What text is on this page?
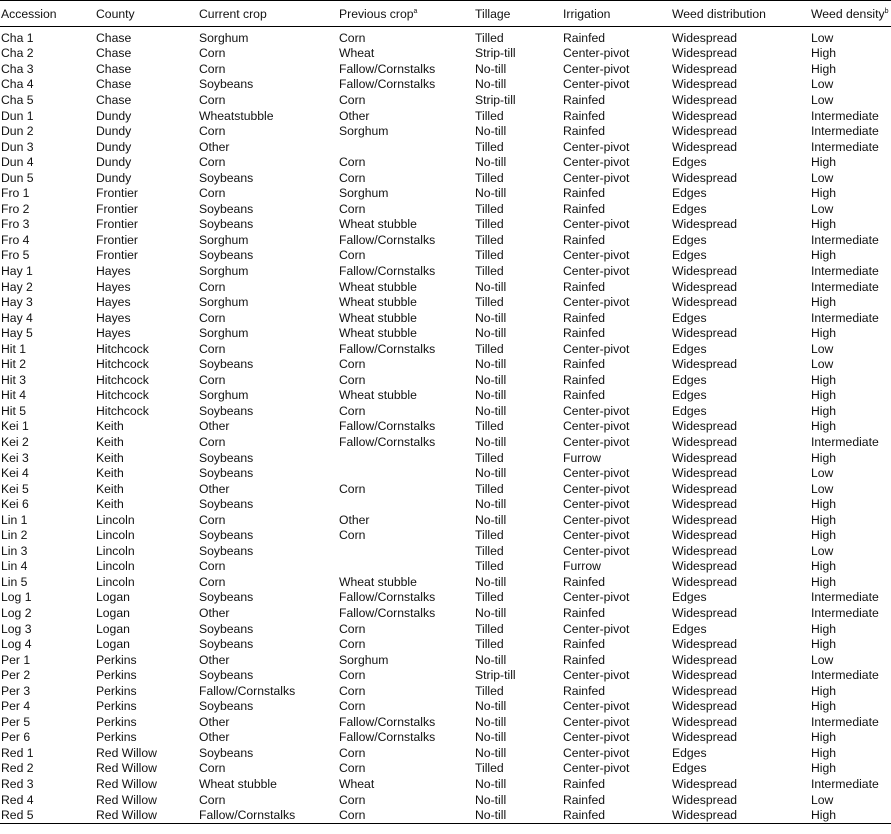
Accession	County	Current crop	Previous crop$^a$	Tillage	Irrigation	Weed distribution	Weed density$^b$
Cha 1	Chase	Sorghum	Corn	Tilled	Rainfed	Widespread	Low
Cha 2	Chase	Corn	Wheat	Strip-till	Center-pivot	Widespread	High
Cha 3	Chase	Corn	Fallow/Cornstalks	No-till	Center-pivot	Widespread	High
Cha 4	Chase	Soybeans	Fallow/Cornstalks	No-till	Center-pivot	Widespread	Low
Cha 5	Chase	Corn	Corn	Strip-till	Rainfed	Widespread	Low
Dun 1	Dundy	Wheatstubble	Other	Tilled	Rainfed	Widespread	Intermediate
Dun 2	Dundy	Corn	Sorghum	No-till	Rainfed	Widespread	Intermediate
Dun 3	Dundy	Other		Tilled	Center-pivot	Widespread	Intermediate
Dun 4	Dundy	Corn	Corn	No-till	Center-pivot	Edges	High
Dun 5	Dundy	Soybeans	Corn	Tilled	Center-pivot	Widespread	Low
Fro 1	Frontier	Corn	Sorghum	No-till	Rainfed	Edges	High
Fro 2	Frontier	Soybeans	Corn	Tilled	Rainfed	Edges	Low
Fro 3	Frontier	Soybeans	Wheat stubble	Tilled	Center-pivot	Widespread	High
Fro 4	Frontier	Sorghum	Fallow/Cornstalks	Tilled	Rainfed	Edges	Intermediate
Fro 5	Frontier	Soybeans	Corn	Tilled	Center-pivot	Edges	High
Hay 1	Hayes	Sorghum	Fallow/Cornstalks	Tilled	Center-pivot	Widespread	Intermediate
Hay 2	Hayes	Corn	Wheat stubble	No-till	Rainfed	Widespread	Intermediate
Hay 3	Hayes	Sorghum	Wheat stubble	Tilled	Center-pivot	Widespread	High
Hay 4	Hayes	Corn	Wheat stubble	No-till	Rainfed	Edges	Intermediate
Hay 5	Hayes	Sorghum	Wheat stubble	No-till	Rainfed	Widespread	High
Hit 1	Hitchcock	Corn	Fallow/Cornstalks	Tilled	Center-pivot	Edges	Low
Hit 2	Hitchcock	Soybeans	Corn	No-till	Rainfed	Widespread	Low
Hit 3	Hitchcock	Corn	Corn	No-till	Rainfed	Edges	High
Hit 4	Hitchcock	Sorghum	Wheat stubble	No-till	Rainfed	Edges	High
Hit 5	Hitchcock	Soybeans	Corn	No-till	Center-pivot	Edges	High
Kei 1	Keith	Other	Fallow/Cornstalks	Tilled	Center-pivot	Widespread	High
Kei 2	Keith	Corn	Fallow/Cornstalks	No-till	Center-pivot	Widespread	Intermediate
Kei 3	Keith	Soybeans		Tilled	Furrow	Widespread	High
Kei 4	Keith	Soybeans		No-till	Center-pivot	Widespread	Low
Kei 5	Keith	Other	Corn	Tilled	Center-pivot	Widespread	Low
Kei 6	Keith	Soybeans		No-till	Center-pivot	Widespread	High
Lin 1	Lincoln	Corn	Other	No-till	Center-pivot	Widespread	High
Lin 2	Lincoln	Soybeans	Corn	Tilled	Center-pivot	Widespread	High
Lin 3	Lincoln	Soybeans		Tilled	Center-pivot	Widespread	Low
Lin 4	Lincoln	Corn		Tilled	Furrow	Widespread	High
Lin 5	Lincoln	Corn	Wheat stubble	No-till	Rainfed	Widespread	High
Log 1	Logan	Soybeans	Fallow/Cornstalks	Tilled	Center-pivot	Edges	Intermediate
Log 2	Logan	Other	Fallow/Cornstalks	No-till	Rainfed	Widespread	Intermediate
Log 3	Logan	Soybeans	Corn	Tilled	Center-pivot	Edges	High
Log 4	Logan	Soybeans	Corn	Tilled	Rainfed	Widespread	High
Per 1	Perkins	Other	Sorghum	No-till	Rainfed	Widespread	Low
Per 2	Perkins	Soybeans	Corn	Strip-till	Center-pivot	Widespread	Intermediate
Per 3	Perkins	Fallow/Cornstalks	Corn	Tilled	Rainfed	Widespread	High
Per 4	Perkins	Soybeans	Corn	No-till	Center-pivot	Widespread	High
Per 5	Perkins	Other	Fallow/Cornstalks	No-till	Center-pivot	Widespread	Intermediate
Per 6	Perkins	Other	Fallow/Cornstalks	No-till	Center-pivot	Widespread	High
Red 1	Red Willow	Soybeans	Corn	No-till	Center-pivot	Edges	High
Red 2	Red Willow	Corn	Corn	Tilled	Center-pivot	Edges	High
Red 3	Red Willow	Wheat stubble	Wheat	No-till	Rainfed	Widespread	Intermediate
Red 4	Red Willow	Corn	Corn	No-till	Rainfed	Widespread	Low
Red 5	Red Willow	Fallow/Cornstalks	Corn	No-till	Rainfed	Widespread	High
